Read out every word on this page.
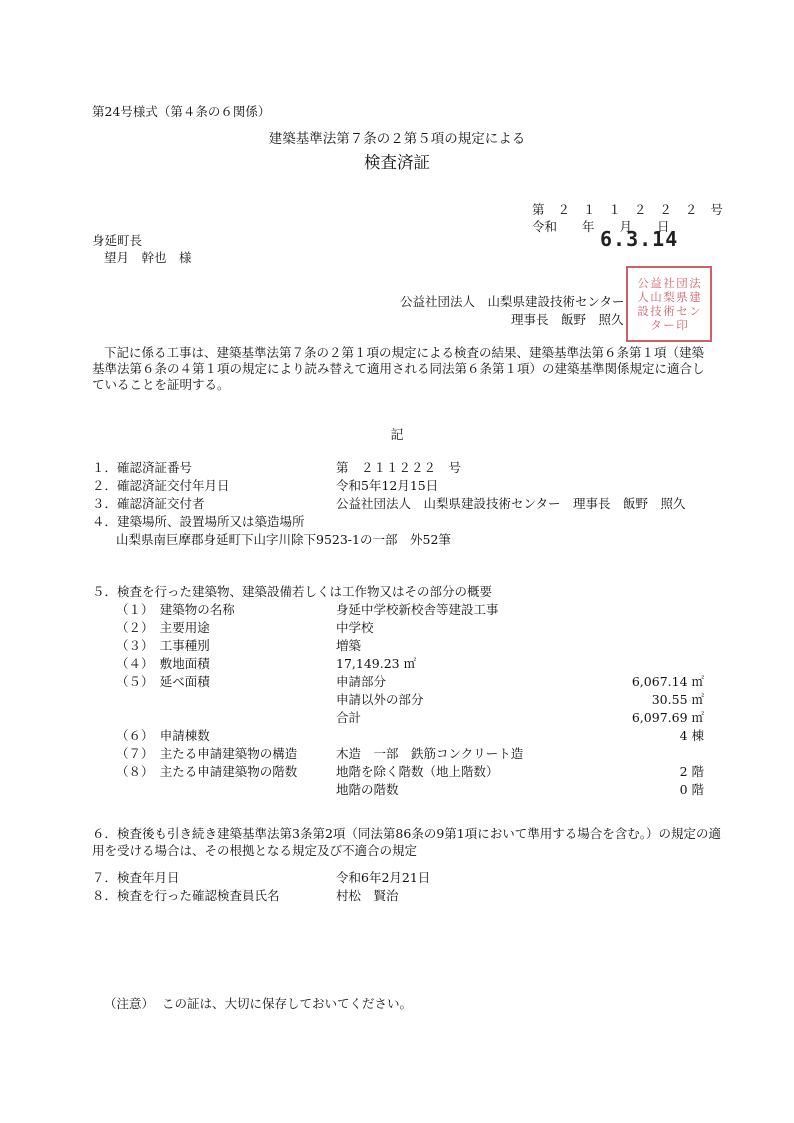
第24号様式（第４条の６関係）
建築基準法第７条の２第５項の規定による
検査済証
第 ２ １ １ ２ ２ ２ 号
令和　　年　　月　　日
6.3.14
身延町長
望月　幹也　様
公益社団法人　山梨県建設技術センター
理事長　飯野　照久
公 益 社 団 法
人 山 梨 県 建
設 技 術 セ ン
タ ー 印
下記に係る工事は、建築基準法第７条の２第１項の規定による検査の結果、建築基準法第６条第１項（建築基準法第６条の４第１項の規定により読み替えて適用される同法第６条第１項）の建築基準関係規定に適合していることを証明する。
記
１．確認済証番号	第　２１１２２２　号
２．確認済証交付年月日	令和5年12月15日
３．確認済証交付者	公益社団法人　山梨県建設技術センター　理事長　飯野　照久
４．建築場所、設置場所又は築造場所
山梨県南巨摩郡身延町下山字川除下9523-1の一部　外52筆
５．検査を行った建築物、建築設備若しくは工作物又はその部分の概要
（１）　建築物の名称	身延中学校新校舎等建設工事
（２）　主要用途	中学校
（３）　工事種別	増築
（４）　敷地面積	17,149.23 ㎡
（５）　延べ面積	申請部分	6,067.14 ㎡
申請以外の部分	30.55 ㎡
合計	6,097.69 ㎡
（６）　申請棟数	4 棟
（７）　主たる申請建築物の構造	木造　一部　鉄筋コンクリート造
（８）　主たる申請建築物の階数	地階を除く階数（地上階数）	2 階
地階の階数	0 階
６．検査後も引き続き建築基準法第3条第2項（同法第86条の9第1項において準用する場合を含む。）の規定の適用を受ける場合は、その根拠となる規定及び不適合の規定
７．検査年月日	令和6年2月21日
８．検査を行った確認検査員氏名	村松　賢治
（注意） この証は、大切に保存しておいてください。
